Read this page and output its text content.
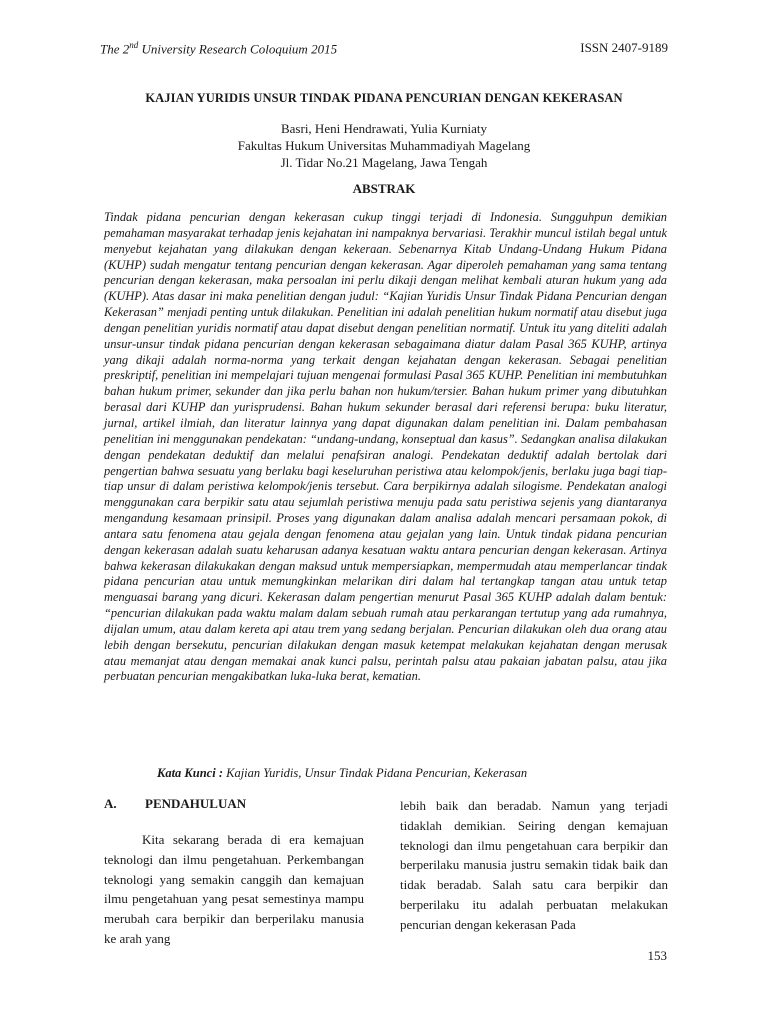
The 2nd University Research Coloquium 2015	ISSN 2407-9189
KAJIAN YURIDIS UNSUR TINDAK PIDANA PENCURIAN DENGAN KEKERASAN
Basri, Heni Hendrawati, Yulia Kurniaty
Fakultas Hukum Universitas Muhammadiyah Magelang
Jl. Tidar No.21 Magelang, Jawa Tengah
ABSTRAK

Tindak pidana pencurian dengan kekerasan cukup tinggi terjadi di Indonesia. Sungguhpun demikian pemahaman masyarakat terhadap jenis kejahatan ini nampaknya bervariasi. Terakhir muncul istilah begal untuk menyebut kejahatan yang dilakukan dengan kekeraan. Sebenarnya Kitab Undang-Undang Hukum Pidana (KUHP) sudah mengatur tentang pencurian dengan kekerasan. Agar diperoleh pemahaman yang sama tentang pencurian dengan kekerasan, maka persoalan ini perlu dikaji dengan melihat kembali aturan hukum yang ada (KUHP). Atas dasar ini maka penelitian dengan judul: “Kajian Yuridis Unsur Tindak Pidana Pencurian dengan Kekerasan” menjadi penting untuk dilakukan. Penelitian ini adalah penelitian hukum normatif atau disebut juga dengan penelitian yuridis normatif atau dapat disebut dengan penelitian normatif. Untuk itu yang diteliti adalah unsur-unsur tindak pidana pencurian dengan kekerasan sebagaimana diatur dalam Pasal 365 KUHP, artinya yang dikaji adalah norma-norma yang terkait dengan kejahatan dengan kekerasan. Sebagai penelitian preskriptif, penelitian ini mempelajari tujuan mengenai formulasi Pasal 365 KUHP. Penelitian ini membutuhkan bahan hukum primer, sekunder dan jika perlu bahan non hukum/tersier. Bahan hukum primer yang dibutuhkan berasal dari KUHP dan yurisprudensi. Bahan hukum sekunder berasal dari referensi berupa: buku literatur, jurnal, artikel ilmiah, dan literatur lainnya yang dapat digunakan dalam penelitian ini. Dalam pembahasan penelitian ini menggunakan pendekatan: “undang-undang, konseptual dan kasus”. Sedangkan analisa dilakukan dengan pendekatan deduktif dan melalui penafsiran analogi. Pendekatan deduktif adalah bertolak dari pengertian bahwa sesuatu yang berlaku bagi keseluruhan peristiwa atau kelompok/jenis, berlaku juga bagi tiap-tiap unsur di dalam peristiwa kelompok/jenis tersebut. Cara berpikirnya adalah silogisme. Pendekatan analogi menggunakan cara berpikir satu atau sejumlah peristiwa menuju pada satu peristiwa sejenis yang diantaranya mengandung kesamaan prinsipil. Proses yang digunakan dalam analisa adalah mencari persamaan pokok, di antara satu fenomena atau gejala dengan fenomena atau gejalan yang lain. Untuk tindak pidana pencurian dengan kekerasan adalah suatu keharusan adanya kesatuan waktu antara pencurian dengan kekerasan. Artinya bahwa kekerasan dilakukakan dengan maksud untuk mempersiapkan, mempermudah atau memperlancar tindak pidana pencurian atau untuk memungkinkan melarikan diri dalam hal tertangkap tangan atau untuk tetap menguasai barang yang dicuri. Kekerasan dalam pengertian menurut Pasal 365 KUHP adalah dalam bentuk: “pencurian dilakukan pada waktu malam dalam sebuah rumah atau perkarangan tertutup yang ada rumahnya, dijalan umum, atau dalam kereta api atau trem yang sedang berjalan. Pencurian dilakukan oleh dua orang atau lebih dengan bersekutu, pencurian dilakukan dengan masuk ketempat melakukan kejahatan dengan merusak atau memanjat atau dengan memakai anak kunci palsu, perintah palsu atau pakaian jabatan palsu, atau jika perbuatan pencurian mengakibatkan luka-luka berat, kematian.

Kata Kunci : Kajian Yuridis, Unsur Tindak Pidana Pencurian, Kekerasan
A. PENDAHULUAN

Kita sekarang berada di era kemajuan teknologi dan ilmu pengetahuan. Perkembangan teknologi yang semakin canggih dan kemajuan ilmu pengetahuan yang pesat semestinya mampu merubah cara berpikir dan berperilaku manusia ke arah yang

lebih baik dan beradab. Namun yang terjadi tidaklah demikian. Seiring dengan kemajuan teknologi dan ilmu pengetahuan cara berpikir dan berperilaku manusia justru semakin tidak baik dan tidak beradab. Salah satu cara berpikir dan berperilaku itu adalah perbuatan melakukan pencurian dengan kekerasan Pada

153
